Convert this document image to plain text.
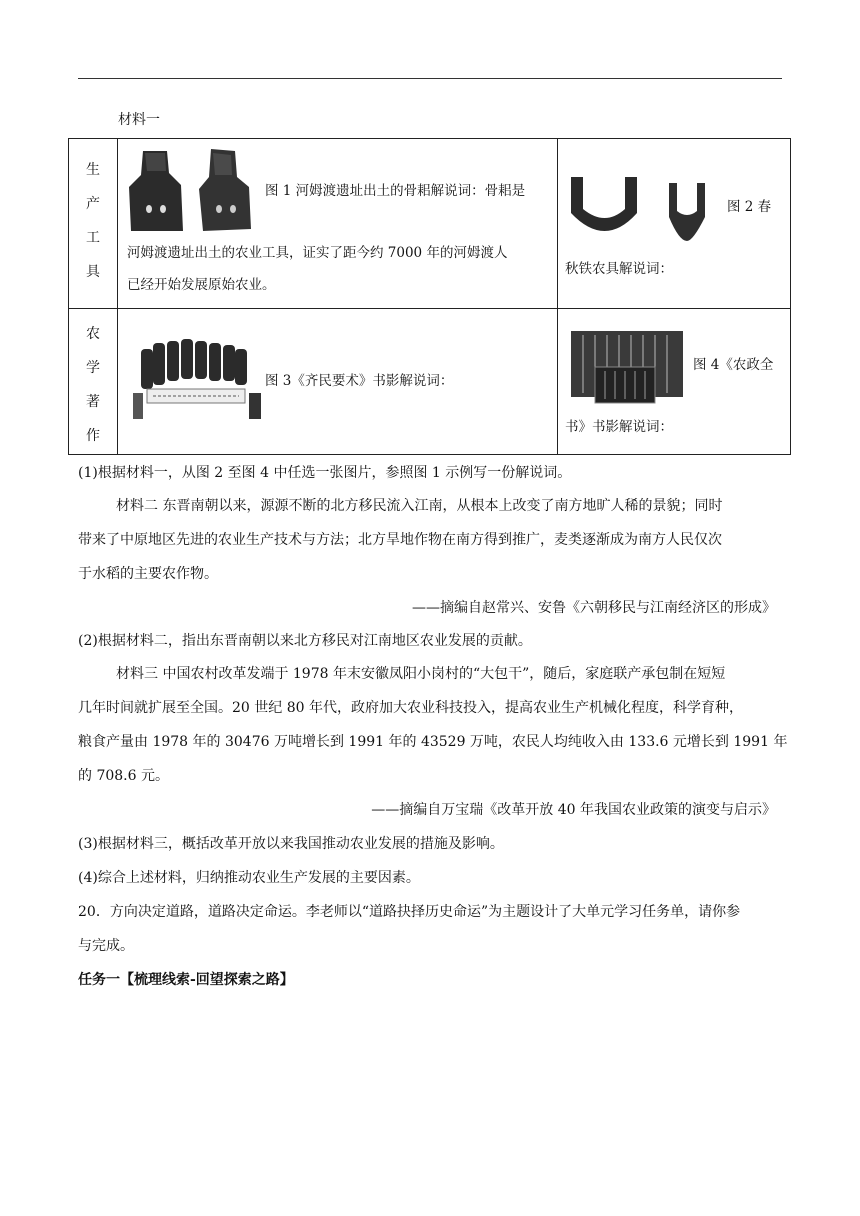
材料一
生
产
工
具
农
学
著
作
图 1 河姆渡遗址出土的骨耜解说词：骨耜是
河姆渡遗址出土的农业工具，证实了距今约 7000 年的河姆渡人
已经开始发展原始农业。
图 2 春
秋铁农具解说词：
图 3《齐民要术》书影解说词：
图 4《农政全
书》书影解说词：
(1)根据材料一，从图 2 至图 4 中任选一张图片，参照图 1 示例写一份解说词。
材料二 东晋南朝以来，源源不断的北方移民流入江南，从根本上改变了南方地旷人稀的景貌；同时
带来了中原地区先进的农业生产技术与方法；北方旱地作物在南方得到推广，麦类逐渐成为南方人民仅次
于水稻的主要农作物。
——摘编自赵常兴、安鲁《六朝移民与江南经济区的形成》
(2)根据材料二，指出东晋南朝以来北方移民对江南地区农业发展的贡献。
材料三 中国农村改革发端于 1978 年末安徽凤阳小岗村的“大包干”，随后，家庭联产承包制在短短
几年时间就扩展至全国。20 世纪 80 年代，政府加大农业科技投入，提高农业生产机械化程度，科学育种，
粮食产量由 1978 年的 30476 万吨增长到 1991 年的 43529 万吨，农民人均纯收入由 133.6 元增长到 1991 年
的 708.6 元。
——摘编自万宝瑞《改革开放 40 年我国农业政策的演变与启示》
(3)根据材料三，概括改革开放以来我国推动农业发展的措施及影响。
(4)综合上述材料，归纳推动农业生产发展的主要因素。
20．方向决定道路，道路决定命运。李老师以“道路抉择历史命运”为主题设计了大单元学习任务单，请你参
与完成。
任务一【梳理线索-回望探索之路】
